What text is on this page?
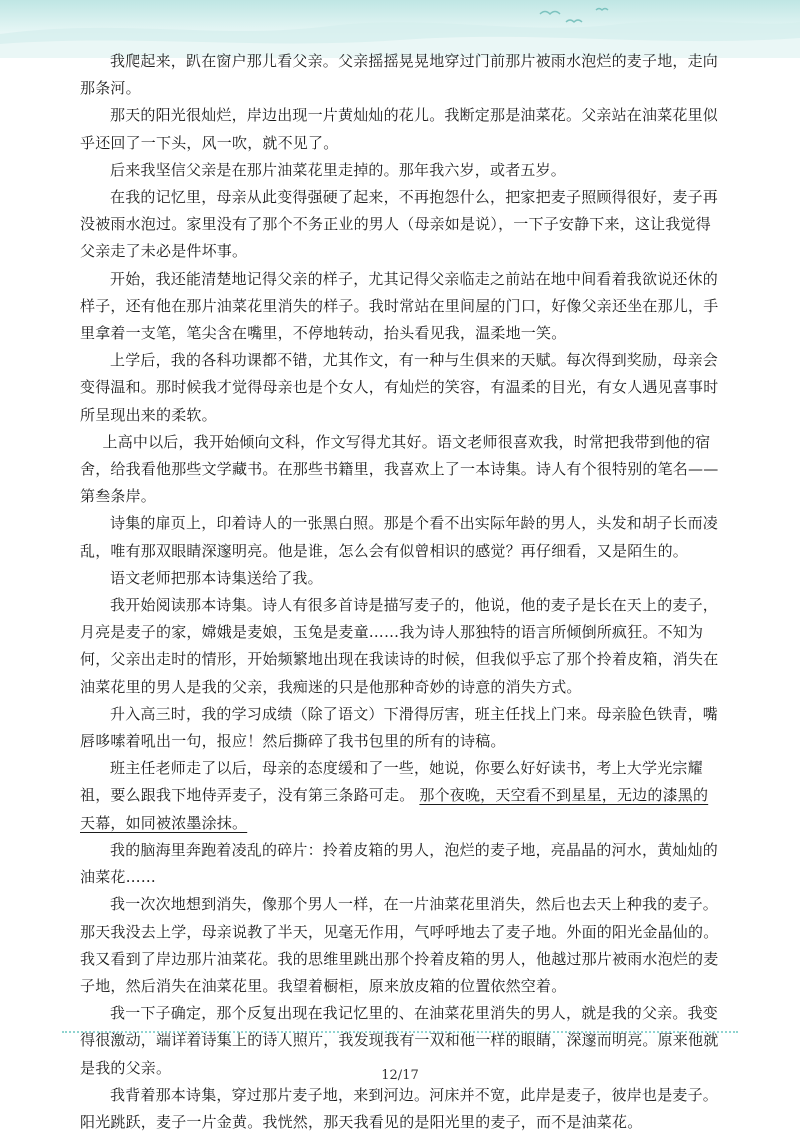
我爬起来，趴在窗户那儿看父亲。父亲摇摇晃晃地穿过门前那片被雨水泡烂的麦子地，走向那条河。

那天的阳光很灿烂，岸边出现一片黄灿灿的花儿。我断定那是油菜花。父亲站在油菜花里似乎还回了一下头，风一吹，就不见了。

后来我坚信父亲是在那片油菜花里走掉的。那年我六岁，或者五岁。

在我的记忆里，母亲从此变得强硬了起来，不再抱怨什么，把家把麦子照顾得很好，麦子再没被雨水泡过。家里没有了那个不务正业的男人（母亲如是说），一下子安静下来，这让我觉得父亲走了未必是件坏事。

开始，我还能清楚地记得父亲的样子，尤其记得父亲临走之前站在地中间看着我欲说还休的样子，还有他在那片油菜花里消失的样子。我时常站在里间屋的门口，好像父亲还坐在那儿，手里拿着一支笔，笔尖含在嘴里，不停地转动，抬头看见我，温柔地一笑。

上学后，我的各科功课都不错，尤其作文，有一种与生俱来的天赋。每次得到奖励，母亲会变得温和。那时候我才觉得母亲也是个女人，有灿烂的笑容，有温柔的目光，有女人遇见喜事时所呈现出来的柔软。

上高中以后，我开始倾向文科，作文写得尤其好。语文老师很喜欢我，时常把我带到他的宿舍，给我看他那些文学藏书。在那些书籍里，我喜欢上了一本诗集。诗人有个很特别的笔名——第叁条岸。

诗集的扉页上，印着诗人的一张黑白照。那是个看不出实际年龄的男人，头发和胡子长而凌乱，唯有那双眼睛深邃明亮。他是谁，怎么会有似曾相识的感觉？再仔细看，又是陌生的。

语文老师把那本诗集送给了我。

我开始阅读那本诗集。诗人有很多首诗是描写麦子的，他说，他的麦子是长在天上的麦子，月亮是麦子的家，嫦娥是麦娘，玉兔是麦童……我为诗人那独特的语言所倾倒所疯狂。不知为何，父亲出走时的情形，开始频繁地出现在我读诗的时候，但我似乎忘了那个拎着皮箱，消失在油菜花里的男人是我的父亲，我痴迷的只是他那种奇妙的诗意的消失方式。

升入高三时，我的学习成绩（除了语文）下滑得厉害，班主任找上门来。母亲脸色铁青，嘴唇哆嗦着吼出一句，报应！然后撕碎了我书包里的所有的诗稿。

班主任老师走了以后，母亲的态度缓和了一些，她说，你要么好好读书，考上大学光宗耀祖，要么跟我下地侍弄麦子，没有第三条路可走。 那个夜晚，天空看不到星星，无边的漆黑的天幕，如同被浓墨涂抹。

我的脑海里奔跑着凌乱的碎片：拎着皮箱的男人，泡烂的麦子地，亮晶晶的河水，黄灿灿的油菜花……

我一次次地想到消失，像那个男人一样，在一片油菜花里消失，然后也去天上种我的麦子。那天我没去上学，母亲说教了半天，见毫无作用，气呼呼地去了麦子地。外面的阳光金晶仙的。我又看到了岸边那片油菜花。我的思维里跳出那个拎着皮箱的男人，他越过那片被雨水泡烂的麦子地，然后消失在油菜花里。我望着橱柜，原来放皮箱的位置依然空着。

我一下子确定，那个反复出现在我记忆里的、在油菜花里消失的男人，就是我的父亲。我变得很激动，端详着诗集上的诗人照片，我发现我有一双和他一样的眼睛，深邃而明亮。原来他就是我的父亲。

我背着那本诗集，穿过那片麦子地，来到河边。河床并不宽，此岸是麦子，彼岸也是麦子。阳光跳跃，麦子一片金黄。我恍然，那天我看见的是阳光里的麦子，而不是油菜花。

12/17
